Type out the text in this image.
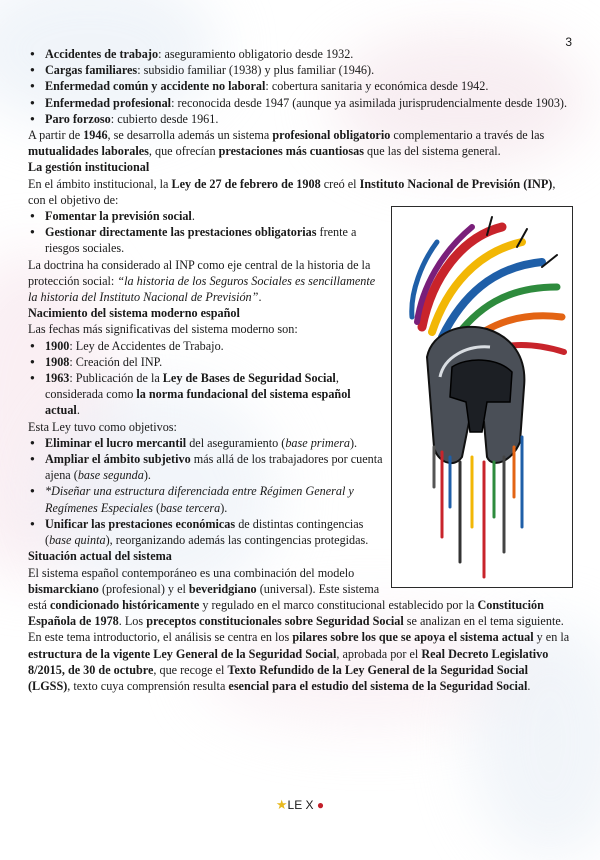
3
● Accidentes de trabajo: aseguramiento obligatorio desde 1932.
● Cargas familiares: subsidio familiar (1938) y plus familiar (1946).
● Enfermedad común y accidente no laboral: cobertura sanitaria y económica desde 1942.
● Enfermedad profesional: reconocida desde 1947 (aunque ya asimilada jurisprudencialmente desde 1903).
● Paro forzoso: cubierto desde 1961.

A partir de 1946, se desarrolla además un sistema profesional obligatorio complementario a través de las mutualidades laborales, que ofrecían prestaciones más cuantiosas que las del sistema general.

La gestión institucional

En el ámbito institucional, la Ley de 27 de febrero de 1908 creó el Instituto Nacional de Previsión (INP), con el objetivo de:

● Fomentar la previsión social.
● Gestionar directamente las prestaciones obligatorias frente a riesgos sociales.

La doctrina ha considerado al INP como eje central de la historia de la protección social: “la historia de los Seguros Sociales es sencillamente la historia del Instituto Nacional de Previsión”.

Nacimiento del sistema moderno español

Las fechas más significativas del sistema moderno son:

● 1900: Ley de Accidentes de Trabajo.
● 1908: Creación del INP.
● 1963: Publicación de la Ley de Bases de Seguridad Social, considerada como la norma fundacional del sistema español actual.

Esta Ley tuvo como objetivos:

● Eliminar el lucro mercantil del aseguramiento (base primera).
● Ampliar el ámbito subjetivo más allá de los trabajadores por cuenta ajena (base segunda).
● *Diseñar una estructura diferenciada entre Régimen General y Regímenes Especiales (base tercera).
● Unificar las prestaciones económicas de distintas contingencias (base quinta), reorganizando además las contingencias protegidas.

Situación actual del sistema

El sistema español contemporáneo es una combinación del modelo bismarckiano (profesional) y el beveridgiano (universal). Este sistema está condicionado históricamente y regulado en el marco constitucional establecido por la Constitución Española de 1978. Los preceptos constitucionales sobre Seguridad Social se analizan en el tema siguiente.

En este tema introductorio, el análisis se centra en los pilares sobre los que se apoya el sistema actual y en la estructura de la vigente Ley General de la Seguridad Social, aprobada por el Real Decreto Legislativo 8/2015, de 30 de octubre, que recoge el Texto Refundido de la Ley General de la Seguridad Social (LGSS), texto cuya comprensión resulta esencial para el estudio del sistema de la Seguridad Social.

★LE X ●
